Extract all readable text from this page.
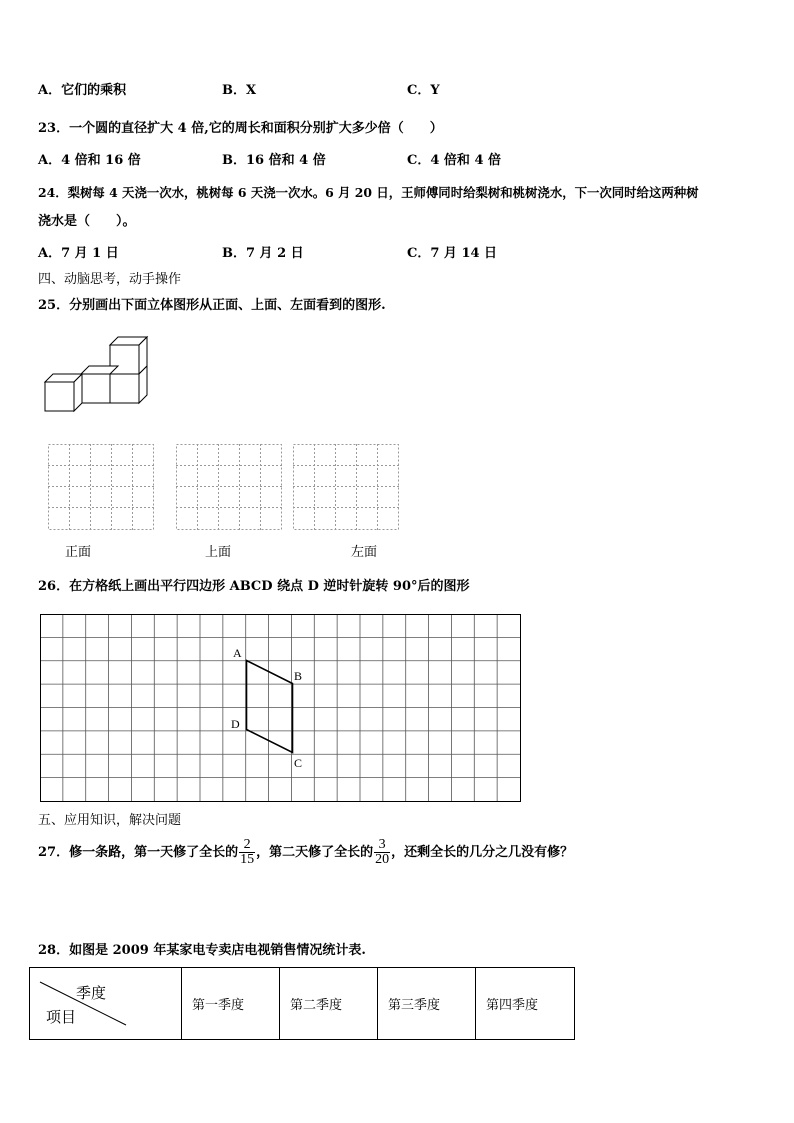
A．它们的乘积	B．X	C．Y
23．一个圆的直径扩大 4 倍,它的周长和面积分别扩大多少倍（　　）
A．4 倍和 16 倍	B．16 倍和 4 倍	C．4 倍和 4 倍
24．梨树每 4 天浇一次水，桃树每 6 天浇一次水。6 月 20 日，王师傅同时给梨树和桃树浇水，下一次同时给这两种树
浇水是（　　）。
A．7 月 1 日	B．7 月 2 日	C．7 月 14 日
四、动脑思考，动手操作
25．分别画出下面立体图形从正面、上面、左面看到的图形.
正面	上面	左面
26．在方格纸上画出平行四边形 ABCD 绕点 D 逆时针旋转 90°后的图形
A
B
C
D
五、应用知识，解决问题
27．修一条路，第一天修了全长的 $\frac{2}{15}$ ，第二天修了全长的 $\frac{3}{20}$ ，还剩全长的几分之几没有修？
28．如图是 2009 年某家电专卖店电视销售情况统计表.
季度
项目
	第一季度	第二季度	第三季度	第四季度
